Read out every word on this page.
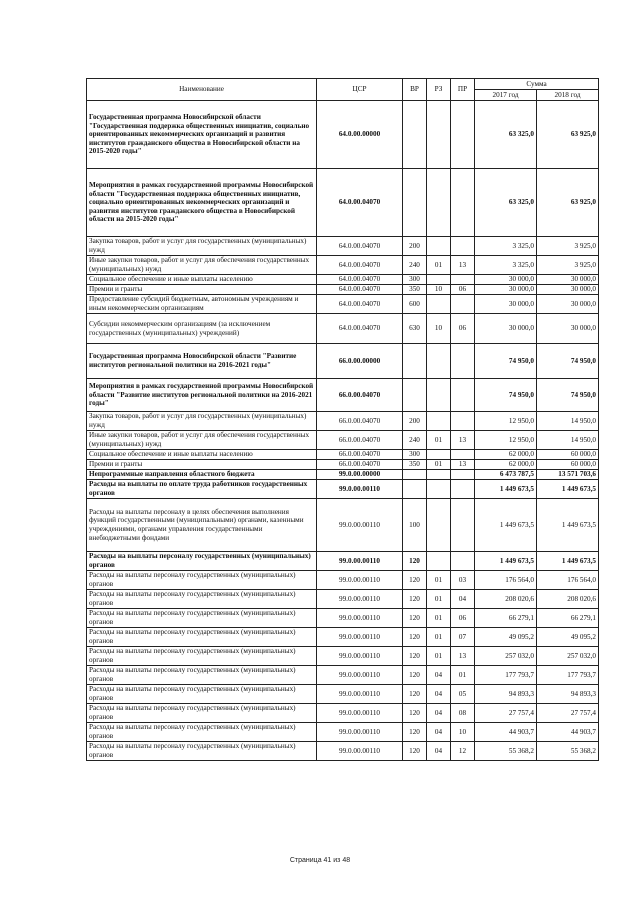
Наименование	ЦСР	ВР	РЗ	ПР	Сумма	
					2017 год	2018 год
Государственная программа Новосибирской области "Государственная поддержка общественных инициатив, социально ориентированных некоммерческих организаций и развития институтов гражданского общества в Новосибирской области на 2015-2020 годы"	64.0.00.00000				63 325,0	63 925,0
Мероприятия в рамках государственной программы Новосибирской области "Государственная поддержка общественных инициатив, социально ориентированных некоммерческих организаций и развития институтов гражданского общества в Новосибирской области на 2015-2020 годы"	64.0.00.04070				63 325,0	63 925,0
Закупка товаров, работ и услуг для государственных (муниципальных) нужд	64.0.00.04070	200			3 325,0	3 925,0
Иные закупки товаров, работ и услуг для обеспечения государственных (муниципальных) нужд	64.0.00.04070	240	01	13	3 325,0	3 925,0
Социальное обеспечение и иные выплаты населению	64.0.00.04070	300			30 000,0	30 000,0
Премии и гранты	64.0.00.04070	350	10	06	30 000,0	30 000,0
Предоставление субсидий бюджетным, автономным учреждениям и иным некоммерческим организациям	64.0.00.04070	600			30 000,0	30 000,0
Субсидии некоммерческим организациям (за исключением государственных (муниципальных) учреждений)	64.0.00.04070	630	10	06	30 000,0	30 000,0
Государственная программа Новосибирской области "Развитие институтов региональной политики на 2016-2021 годы"	66.0.00.00000				74 950,0	74 950,0
Мероприятия в рамках государственной программы Новосибирской области "Развитие институтов региональной политики на 2016-2021 годы"	66.0.00.04070				74 950,0	74 950,0
Закупка товаров, работ и услуг для государственных (муниципальных) нужд	66.0.00.04070	200			12 950,0	14 950,0
Иные закупки товаров, работ и услуг для обеспечения государственных (муниципальных) нужд	66.0.00.04070	240	01	13	12 950,0	14 950,0
Социальное обеспечение и иные выплаты населению	66.0.00.04070	300			62 000,0	60 000,0
Премии и гранты	66.0.00.04070	350	01	13	62 000,0	60 000,0
Непрограммные направления областного бюджета	99.0.00.00000				6 473 787,5	13 571 703,6
Расходы на выплаты по оплате труда работников государственных органов	99.0.00.00110				1 449 673,5	1 449 673,5
Расходы на выплаты персоналу в целях обеспечения выполнения функций государственными (муниципальными) органами, казенными учреждениями, органами управления государственными внебюджетными фондами	99.0.00.00110	100			1 449 673,5	1 449 673,5
Расходы на выплаты персоналу государственных (муниципальных) органов	99.0.00.00110	120			1 449 673,5	1 449 673,5
Расходы на выплаты персоналу государственных (муниципальных) органов	99.0.00.00110	120	01	03	176 564,0	176 564,0
Расходы на выплаты персоналу государственных (муниципальных) органов	99.0.00.00110	120	01	04	208 020,6	208 020,6
Расходы на выплаты персоналу государственных (муниципальных) органов	99.0.00.00110	120	01	06	66 279,1	66 279,1
Расходы на выплаты персоналу государственных (муниципальных) органов	99.0.00.00110	120	01	07	49 095,2	49 095,2
Расходы на выплаты персоналу государственных (муниципальных) органов	99.0.00.00110	120	01	13	257 032,0	257 032,0
Расходы на выплаты персоналу государственных (муниципальных) органов	99.0.00.00110	120	04	01	177 793,7	177 793,7
Расходы на выплаты персоналу государственных (муниципальных) органов	99.0.00.00110	120	04	05	94 893,3	94 893,3
Расходы на выплаты персоналу государственных (муниципальных) органов	99.0.00.00110	120	04	08	27 757,4	27 757,4
Расходы на выплаты персоналу государственных (муниципальных) органов	99.0.00.00110	120	04	10	44 903,7	44 903,7
Расходы на выплаты персоналу государственных (муниципальных) органов	99.0.00.00110	120	04	12	55 368,2	55 368,2
Страница 41 из 48
